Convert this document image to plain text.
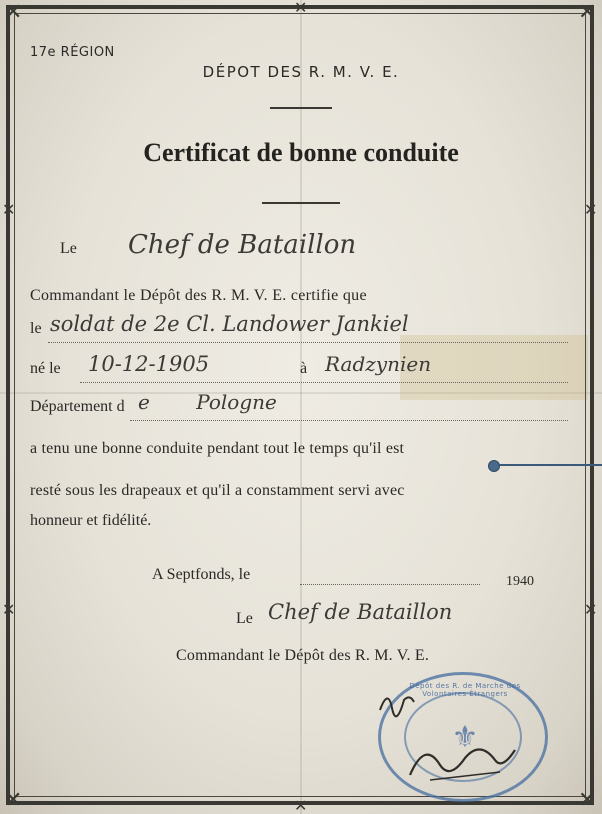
✕	✕
✕	✕
✕
✕
✕
✕
✕
✕
17e RÉGION
DÉPOT DES R. M. V. E.
Certificat de bonne conduite
Le Chef de Bataillon
Commandant le Dépôt des R. M. V. E. certifie que
le soldat de 2e Cl. Landower Jankiel
né le 10-12-1905	à Radzynien
Département d e Pologne
a tenu une bonne conduite pendant tout le temps qu'il est
resté sous les drapeaux et qu'il a constamment servi avec
honneur et fidélité.
A Septfonds, le	1940
Le Chef de Bataillon
Commandant le Dépôt des R. M. V. E.
Dépôt des R. de Marche des Volontaires Étrangers
⚜
